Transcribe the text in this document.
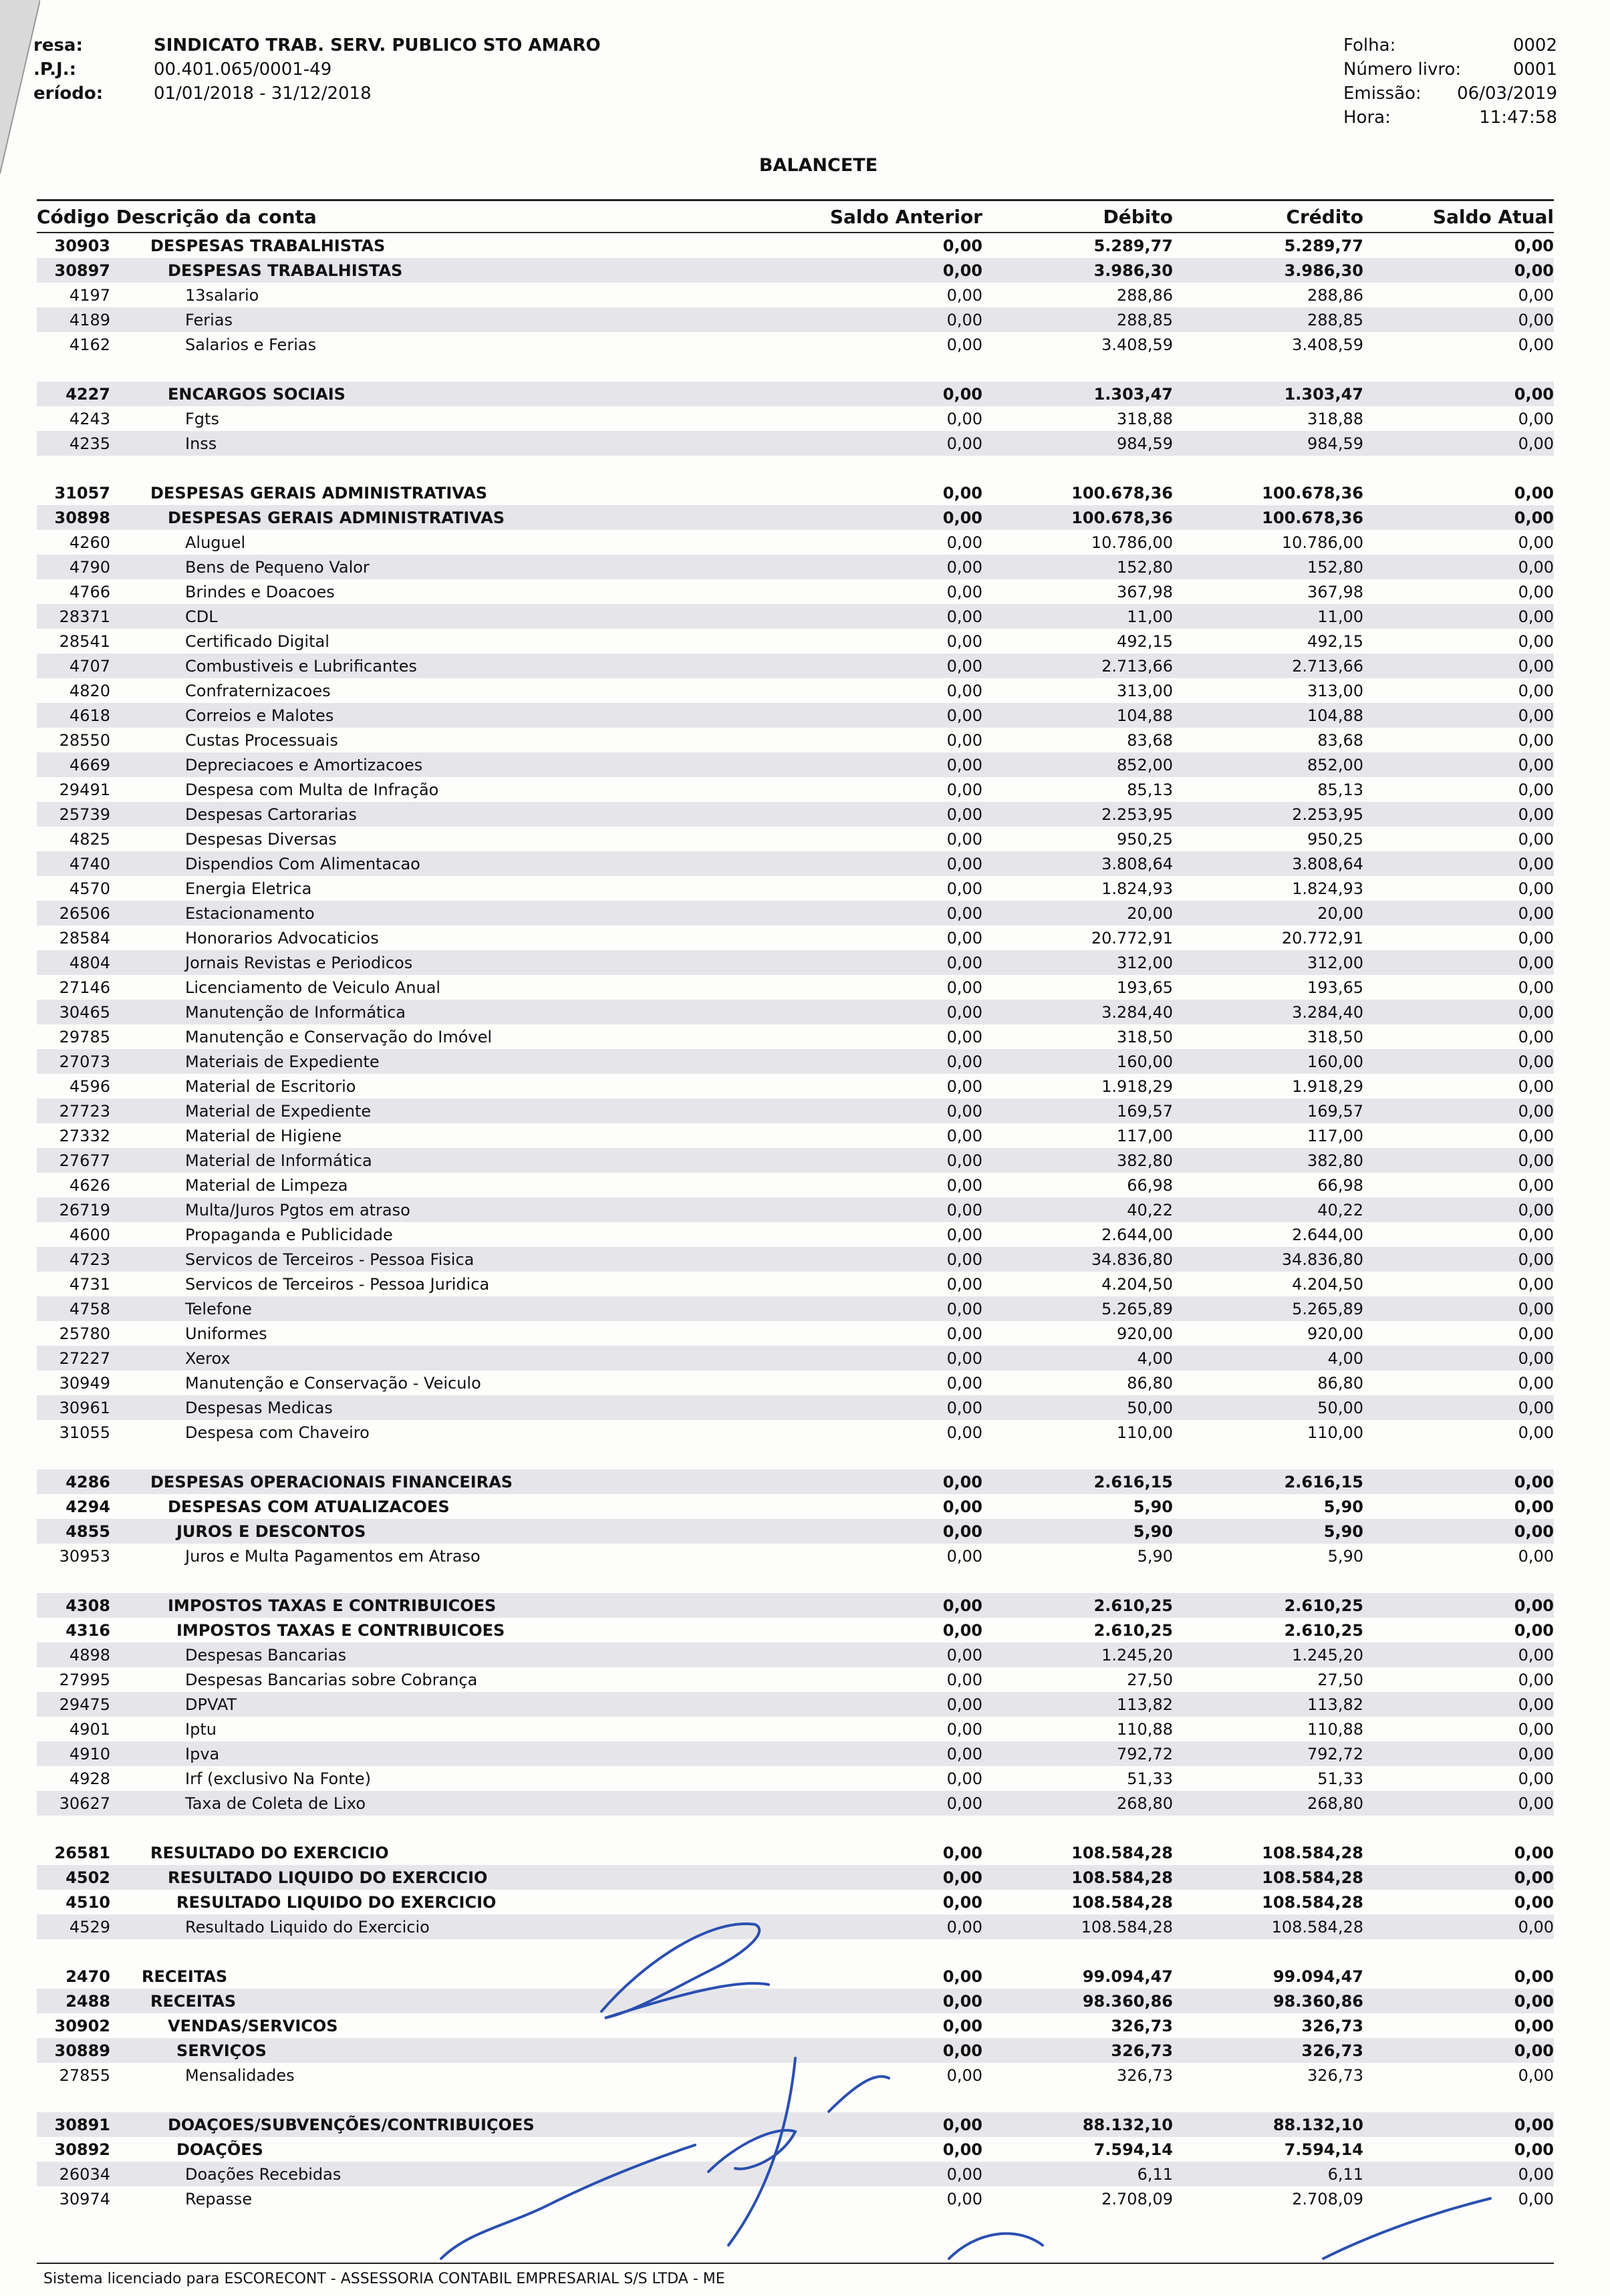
resa:	SINDICATO TRAB. SERV. PUBLICO STO AMARO
.P.J.:	00.401.065/0001-49
eríodo:	01/01/2018 - 31/12/2018
Folha:	0002
Número livro:	0001
Emissão: 06/03/2019
Hora:	11:47:58
BALANCETE
Código Descrição da conta	Saldo Anterior	Débito	Crédito	Saldo Atual
30903	DESPESAS TRABALHISTAS	0,00	5.289,77	5.289,77	0,00
30897	DESPESAS TRABALHISTAS	0,00	3.986,30	3.986,30	0,00
4197	13salario	0,00	288,86	288,86	0,00
4189	Ferias	0,00	288,85	288,85	0,00
4162	Salarios e Ferias	0,00	3.408,59	3.408,59	0,00
4227	ENCARGOS SOCIAIS	0,00	1.303,47	1.303,47	0,00
4243	Fgts	0,00	318,88	318,88	0,00
4235	Inss	0,00	984,59	984,59	0,00
31057	DESPESAS GERAIS ADMINISTRATIVAS	0,00	100.678,36	100.678,36	0,00
30898	DESPESAS GERAIS ADMINISTRATIVAS	0,00	100.678,36	100.678,36	0,00
4260	Aluguel	0,00	10.786,00	10.786,00	0,00
4790	Bens de Pequeno Valor	0,00	152,80	152,80	0,00
4766	Brindes e Doacoes	0,00	367,98	367,98	0,00
28371	CDL	0,00	11,00	11,00	0,00
28541	Certificado Digital	0,00	492,15	492,15	0,00
4707	Combustiveis e Lubrificantes	0,00	2.713,66	2.713,66	0,00
4820	Confraternizacoes	0,00	313,00	313,00	0,00
4618	Correios e Malotes	0,00	104,88	104,88	0,00
28550	Custas Processuais	0,00	83,68	83,68	0,00
4669	Depreciacoes e Amortizacoes	0,00	852,00	852,00	0,00
29491	Despesa com Multa de Infração	0,00	85,13	85,13	0,00
25739	Despesas Cartorarias	0,00	2.253,95	2.253,95	0,00
4825	Despesas Diversas	0,00	950,25	950,25	0,00
4740	Dispendios Com Alimentacao	0,00	3.808,64	3.808,64	0,00
4570	Energia Eletrica	0,00	1.824,93	1.824,93	0,00
26506	Estacionamento	0,00	20,00	20,00	0,00
28584	Honorarios Advocaticios	0,00	20.772,91	20.772,91	0,00
4804	Jornais Revistas e Periodicos	0,00	312,00	312,00	0,00
27146	Licenciamento de Veiculo Anual	0,00	193,65	193,65	0,00
30465	Manutenção de Informática	0,00	3.284,40	3.284,40	0,00
29785	Manutenção e Conservação do Imóvel	0,00	318,50	318,50	0,00
27073	Materiais de Expediente	0,00	160,00	160,00	0,00
4596	Material de Escritorio	0,00	1.918,29	1.918,29	0,00
27723	Material de Expediente	0,00	169,57	169,57	0,00
27332	Material de Higiene	0,00	117,00	117,00	0,00
27677	Material de Informática	0,00	382,80	382,80	0,00
4626	Material de Limpeza	0,00	66,98	66,98	0,00
26719	Multa/Juros Pgtos em atraso	0,00	40,22	40,22	0,00
4600	Propaganda e Publicidade	0,00	2.644,00	2.644,00	0,00
4723	Servicos de Terceiros - Pessoa Fisica	0,00	34.836,80	34.836,80	0,00
4731	Servicos de Terceiros - Pessoa Juridica	0,00	4.204,50	4.204,50	0,00
4758	Telefone	0,00	5.265,89	5.265,89	0,00
25780	Uniformes	0,00	920,00	920,00	0,00
27227	Xerox	0,00	4,00	4,00	0,00
30949	Manutenção e Conservação - Veiculo	0,00	86,80	86,80	0,00
30961	Despesas Medicas	0,00	50,00	50,00	0,00
31055	Despesa com Chaveiro	0,00	110,00	110,00	0,00
4286	DESPESAS OPERACIONAIS FINANCEIRAS	0,00	2.616,15	2.616,15	0,00
4294	DESPESAS COM ATUALIZACOES	0,00	5,90	5,90	0,00
4855	JUROS E DESCONTOS	0,00	5,90	5,90	0,00
30953	Juros e Multa Pagamentos em Atraso	0,00	5,90	5,90	0,00
4308	IMPOSTOS TAXAS E CONTRIBUICOES	0,00	2.610,25	2.610,25	0,00
4316	IMPOSTOS TAXAS E CONTRIBUICOES	0,00	2.610,25	2.610,25	0,00
4898	Despesas Bancarias	0,00	1.245,20	1.245,20	0,00
27995	Despesas Bancarias sobre Cobrança	0,00	27,50	27,50	0,00
29475	DPVAT	0,00	113,82	113,82	0,00
4901	Iptu	0,00	110,88	110,88	0,00
4910	Ipva	0,00	792,72	792,72	0,00
4928	Irf (exclusivo Na Fonte)	0,00	51,33	51,33	0,00
30627	Taxa de Coleta de Lixo	0,00	268,80	268,80	0,00
26581	RESULTADO DO EXERCICIO	0,00	108.584,28	108.584,28	0,00
4502	RESULTADO LIQUIDO DO EXERCICIO	0,00	108.584,28	108.584,28	0,00
4510	RESULTADO LIQUIDO DO EXERCICIO	0,00	108.584,28	108.584,28	0,00
4529	Resultado Liquido do Exercicio	0,00	108.584,28	108.584,28	0,00
2470	RECEITAS	0,00	99.094,47	99.094,47	0,00
2488	RECEITAS	0,00	98.360,86	98.360,86	0,00
30902	VENDAS/SERVICOS	0,00	326,73	326,73	0,00
30889	SERVIÇOS	0,00	326,73	326,73	0,00
27855	Mensalidades	0,00	326,73	326,73	0,00
30891	DOAÇOES/SUBVENÇÕES/CONTRIBUIÇOES	0,00	88.132,10	88.132,10	0,00
30892	DOAÇÕES	0,00	7.594,14	7.594,14	0,00
26034	Doações Recebidas	0,00	6,11	6,11	0,00
30974	Repasse	0,00	2.708,09	2.708,09	0,00
Sistema licenciado para ESCORECONT - ASSESSORIA CONTABIL EMPRESARIAL S/S LTDA - ME
